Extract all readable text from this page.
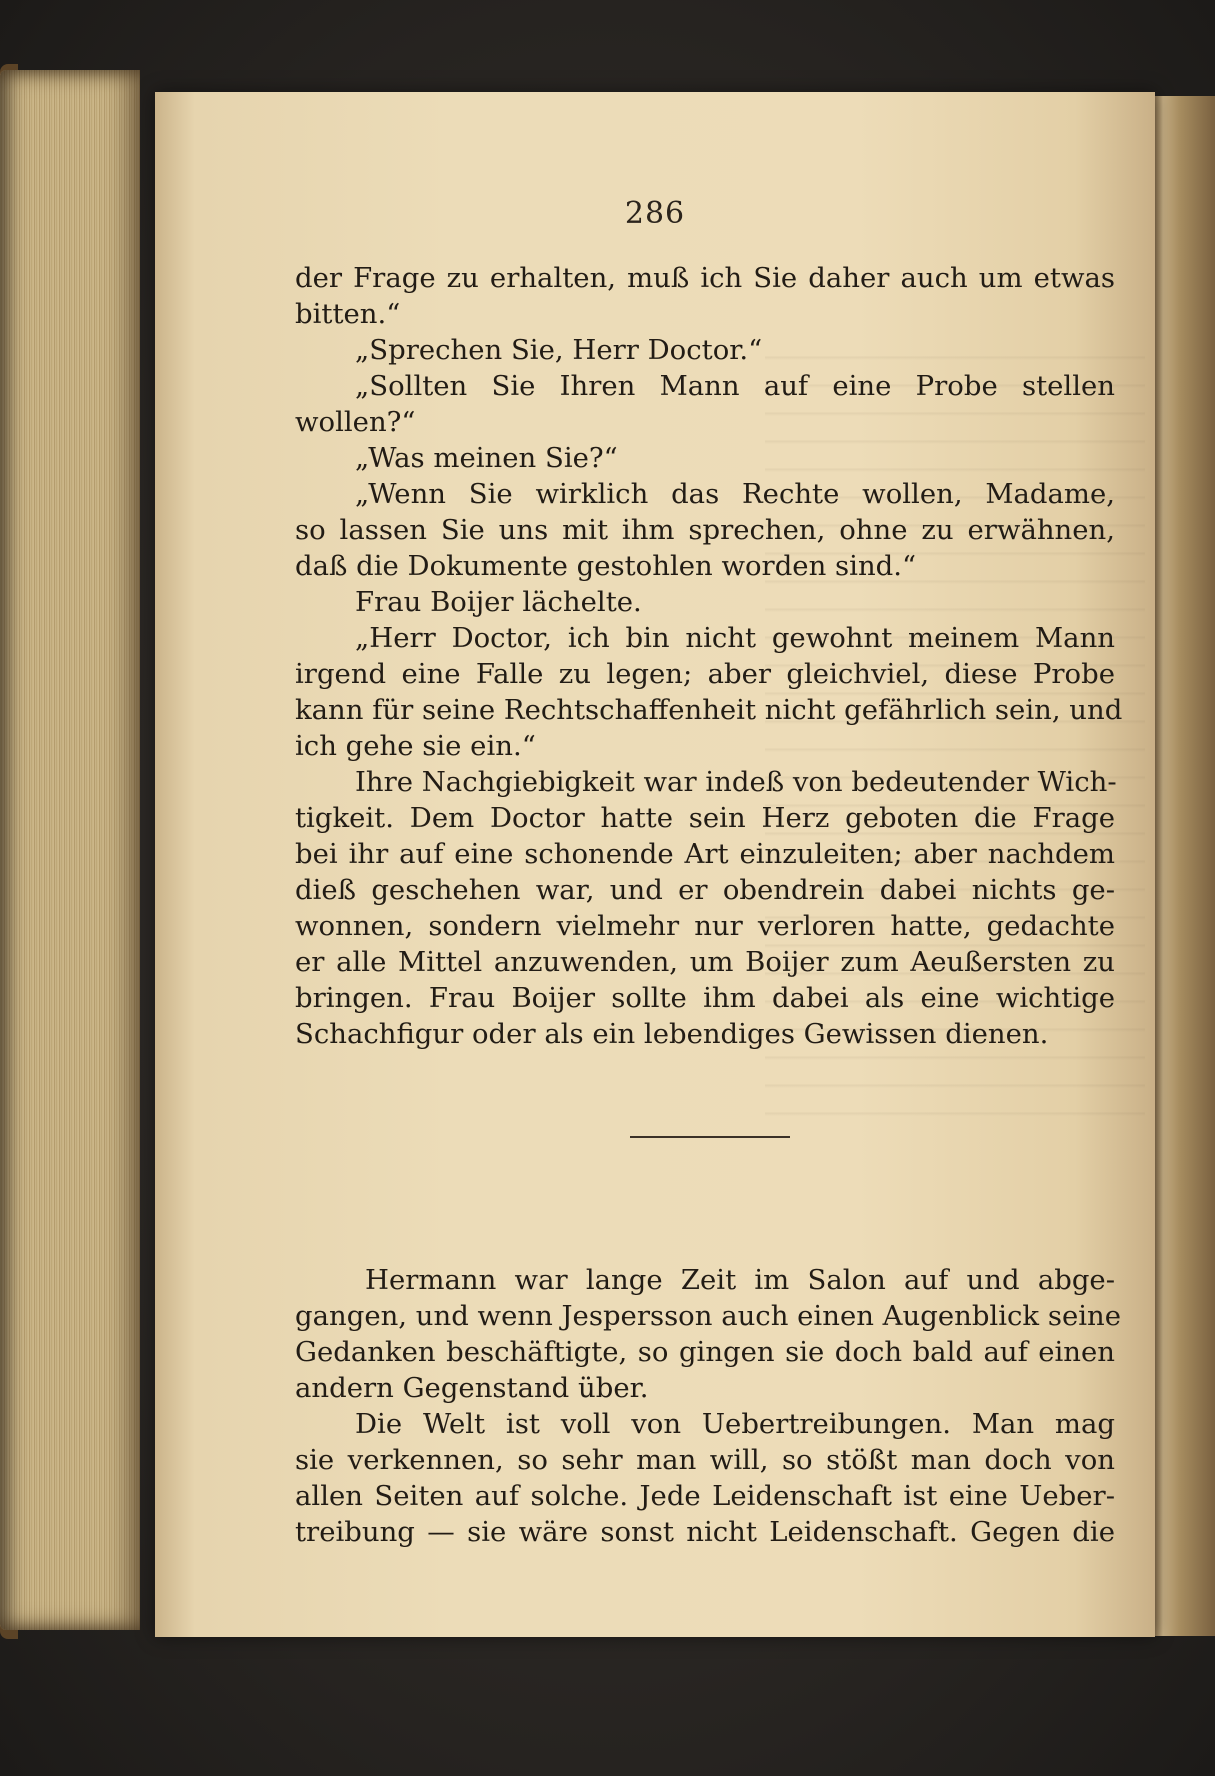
286
der Frage zu erhalten, muß ich Sie daher auch um etwas
bitten.“
„Sprechen Sie, Herr Doctor.“
„Sollten Sie Ihren Mann auf eine Probe stellen
wollen?“
„Was meinen Sie?“
„Wenn Sie wirklich das Rechte wollen, Madame,
so lassen Sie uns mit ihm sprechen, ohne zu erwähnen,
daß die Dokumente gestohlen worden sind.“
Frau Boijer lächelte.
„Herr Doctor, ich bin nicht gewohnt meinem Mann
irgend eine Falle zu legen; aber gleichviel, diese Probe
kann für seine Rechtschaffenheit nicht gefährlich sein, und
ich gehe sie ein.“
Ihre Nachgiebigkeit war indeß von bedeutender Wich-
tigkeit. Dem Doctor hatte sein Herz geboten die Frage
bei ihr auf eine schonende Art einzuleiten; aber nachdem
dieß geschehen war, und er obendrein dabei nichts ge-
wonnen, sondern vielmehr nur verloren hatte, gedachte
er alle Mittel anzuwenden, um Boijer zum Aeußersten zu
bringen. Frau Boijer sollte ihm dabei als eine wichtige
Schachfigur oder als ein lebendiges Gewissen dienen.
Hermann war lange Zeit im Salon auf und abge-
gangen, und wenn Jespersson auch einen Augenblick seine
Gedanken beschäftigte, so gingen sie doch bald auf einen
andern Gegenstand über.
Die Welt ist voll von Uebertreibungen. Man mag
sie verkennen, so sehr man will, so stößt man doch von
allen Seiten auf solche. Jede Leidenschaft ist eine Ueber-
treibung — sie wäre sonst nicht Leidenschaft. Gegen die
